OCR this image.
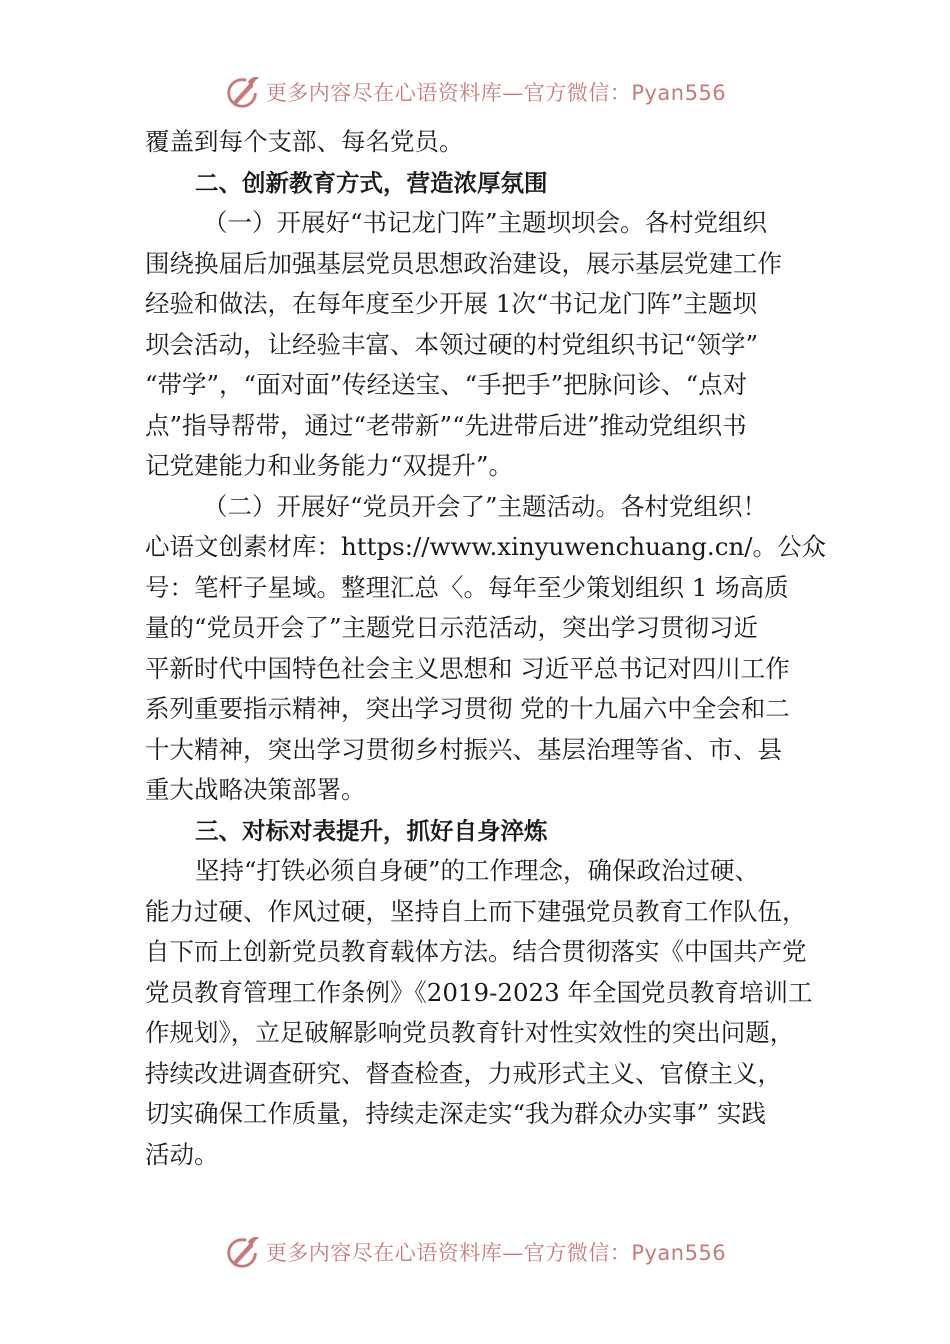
更多内容尽在心语资料库—官方微信：Pyan556
覆盖到每个支部、每名党员。
二、创新教育方式，营造浓厚氛围
（一）开展好“书记龙门阵”主题坝坝会。各村党组织
围绕换届后加强基层党员思想政治建设，展示基层党建工作
经验和做法，在每年度至少开展 1次“书记龙门阵”主题坝
坝会活动，让经验丰富、本领过硬的村党组织书记“领学”
“带学”，“面对面”传经送宝、“手把手”把脉问诊、“点对
点”指导帮带，通过“老带新”“先进带后进”推动党组织书
记党建能力和业务能力“双提升”。
（二）开展好“党员开会了”主题活动。各村党组织！
心语文创素材库：https://www.xinyuwenchuang.cn/。公众
号：笔杆子星域。整理汇总〈。每年至少策划组织 1 场高质
量的“党员开会了”主题党日示范活动，突出学习贯彻习近
平新时代中国特色社会主义思想和 习近平总书记对四川工作
系列重要指示精神，突出学习贯彻 党的十九届六中全会和二
十大精神，突出学习贯彻乡村振兴、基层治理等省、市、县
重大战略决策部署。
三、对标对表提升，抓好自身淬炼
坚持“打铁必须自身硬”的工作理念，确保政治过硬、
能力过硬、作风过硬，坚持自上而下建强党员教育工作队伍，
自下而上创新党员教育载体方法。结合贯彻落实《中国共产党
党员教育管理工作条例》《2019-2023 年全国党员教育培训工
作规划》，立足破解影响党员教育针对性实效性的突出问题，
持续改进调查研究、督查检查，力戒形式主义、官僚主义，
切实确保工作质量，持续走深走实“我为群众办实事” 实践
活动。
更多内容尽在心语资料库—官方微信：Pyan556
